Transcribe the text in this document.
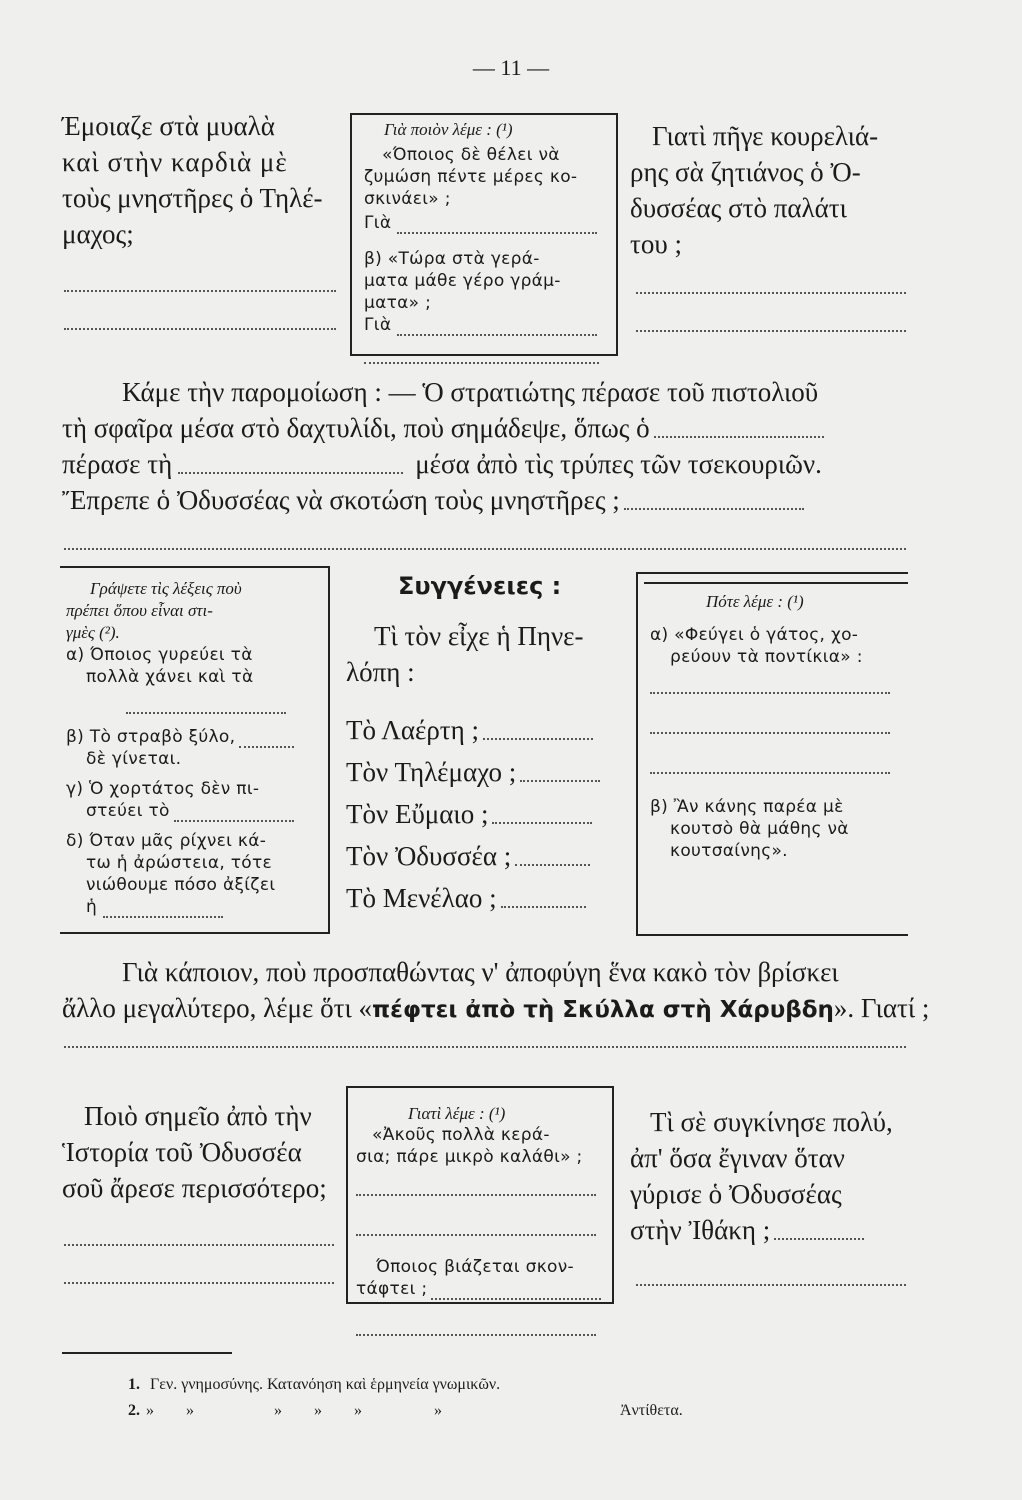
— 11 —
Έμοιαζε στὰ μυαλὰ
καὶ στὴν καρδιὰ μὲ
τοὺς μνηστῆρες ὁ Τηλέ-
μαχος;
Γιὰ ποιὸν λέμε : (¹)
«Όποιος δὲ θέλει νὰ
ζυμώση πέντε μέρες κο-
σκινάει» ;
Γιὰ
β) «Τώρα στὰ γερά-
ματα μάθε γέρο γράμ-
ματα» ;
Γιὰ
Γιατὶ πῆγε κουρελιά-
ρης σὰ ζητιάνος ὁ Ὀ-
δυσσέας στὸ παλάτι
του ;
Κάμε τὴν παρομοίωση : — Ὁ στρατιώτης πέρασε τοῦ πιστολιοῦ
τὴ σφαῖρα μέσα στὸ δαχτυλίδι, ποὺ σημάδεψε, ὅπως ὁ
πέρασε τὴ	μέσα ἀπὸ τὶς τρύπες τῶν τσεκουριῶν.
Ἔπρεπε ὁ Ὀδυσσέας νὰ σκοτώση τοὺς μνηστῆρες ;
Γράψετε τὶς λέξεις ποὺ
πρέπει ὅπου εἶναι στι-
γμὲς (²).
α) Όποιος γυρεύει τὰ
πολλὰ χάνει καὶ τὰ
β) Τὸ στραβὸ ξύλο,
δὲ γίνεται.
γ) Ὁ χορτάτος δὲν πι-
στεύει τὸ
δ) Όταν μᾶς ρίχνει κά-
τω ἡ ἀρώστεια, τότε
νιώθουμε πόσο ἀξίζει
ἡ
Συγγένειες :
Τὶ τὸν εἶχε ἡ Πηνε-
λόπη :
Τὸ Λαέρτη ;
Τὸν Τηλέμαχο ;
Τὸν Εὔμαιο ;
Τὸν Ὀδυσσέα ;
Τὸ Μενέλαο ;
Πότε λέμε : (¹)
α) «Φεύγει ὁ γάτος, χο-
ρεύουν τὰ ποντίκια» :

β) Ἂν κάνης παρέα μὲ
κουτσὸ θὰ μάθης νὰ
κουτσαίνης».
Γιὰ κάποιον, ποὺ προσπαθώντας ν' ἀποφύγη ἕνα κακὸ τὸν βρίσκει
ἄλλο μεγαλύτερο, λέμε ὅτι «πέφτει ἀπὸ τὴ Σκύλλα στὴ Χάρυβδη». Γιατί ;
Ποιὸ σημεῖο ἀπὸ τὴν
Ἱστορία τοῦ Ὀδυσσέα
σοῦ ἄρεσε περισσότερο;
Γιατὶ λέμε : (¹)
«Ἀκοῦς πολλὰ κερά-
σια; πάρε μικρὸ καλάθι» ;

Όποιος βιάζεται σκον-
τάφτει ;
Τὶ σὲ συγκίνησε πολύ,
ἀπ' ὅσα ἔγιναν ὅταν
γύρισε ὁ Ὀδυσσέας
στὴν Ἰθάκη ;
1. Γεν. γνημοσύνης. Κατανόηση καὶ ἑρμηνεία γνωμικῶν.
2. »        »                    »        »        »                  »	Ἀντίθετα.
